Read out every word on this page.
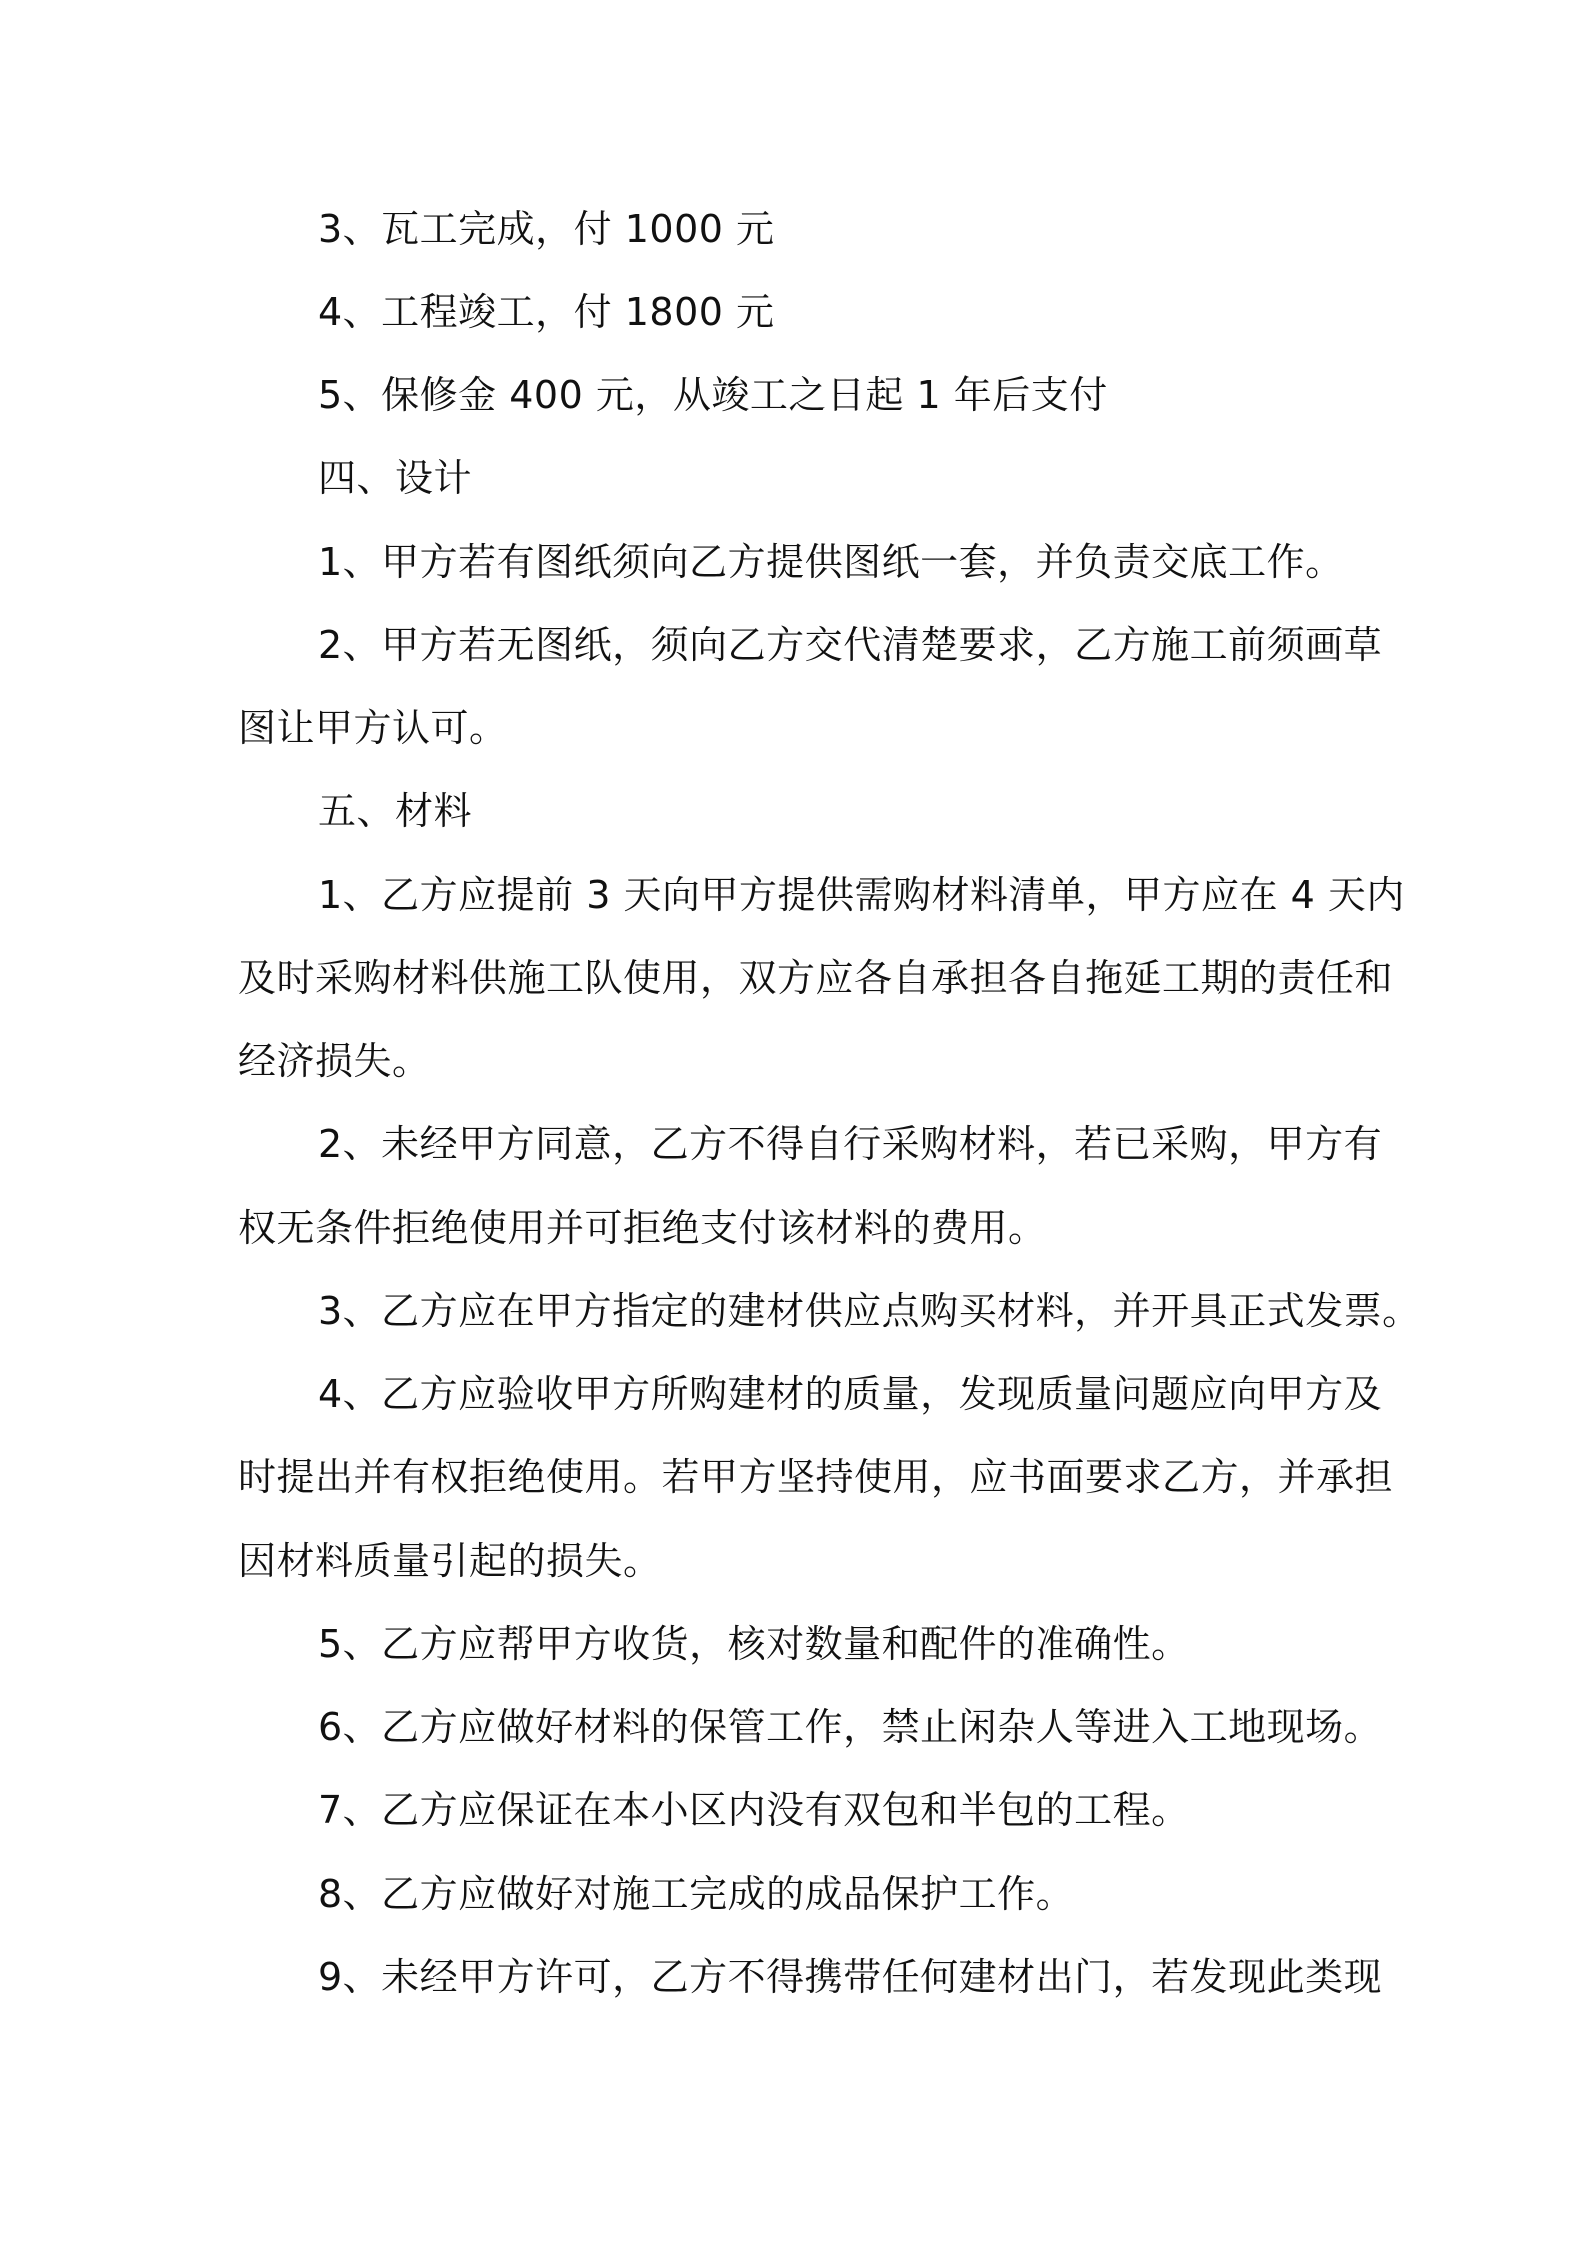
3、瓦工完成，付 1000 元
4、工程竣工，付 1800 元
5、保修金 400 元，从竣工之日起 1 年后支付
四、设计
1、甲方若有图纸须向乙方提供图纸一套，并负责交底工作。
2、甲方若无图纸，须向乙方交代清楚要求，乙方施工前须画草
图让甲方认可。
五、材料
1、乙方应提前 3 天向甲方提供需购材料清单，甲方应在 4 天内
及时采购材料供施工队使用，双方应各自承担各自拖延工期的责任和
经济损失。
2、未经甲方同意，乙方不得自行采购材料，若已采购，甲方有
权无条件拒绝使用并可拒绝支付该材料的费用。
3、乙方应在甲方指定的建材供应点购买材料，并开具正式发票。
4、乙方应验收甲方所购建材的质量，发现质量问题应向甲方及
时提出并有权拒绝使用。若甲方坚持使用，应书面要求乙方，并承担
因材料质量引起的损失。
5、乙方应帮甲方收货，核对数量和配件的准确性。
6、乙方应做好材料的保管工作，禁止闲杂人等进入工地现场。
7、乙方应保证在本小区内没有双包和半包的工程。
8、乙方应做好对施工完成的成品保护工作。
9、未经甲方许可，乙方不得携带任何建材出门，若发现此类现
